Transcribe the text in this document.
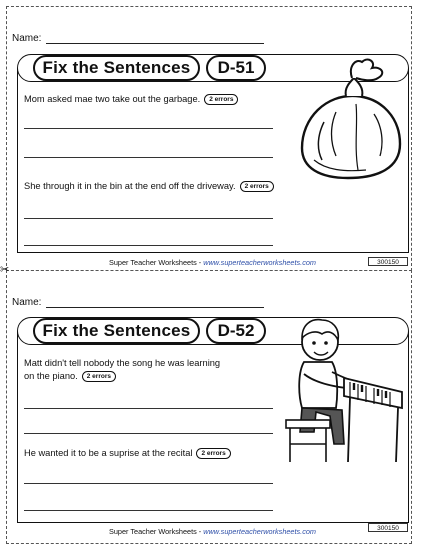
✂
Name:
Fix the Sentences	D-51
Mom asked mae two take out the garbage. 2 errors
She through it in the bin at the end off the driveway. 2 errors
Super Teacher Worksheets - www.superteacherworksheets.com	300150
Name:
Fix the Sentences	D-52
Matt didn't tell nobody the song he was learning
on the piano. 2 errors
He wanted it to be a suprise at the recital 2 errors
Super Teacher Worksheets - www.superteacherworksheets.com	300150
